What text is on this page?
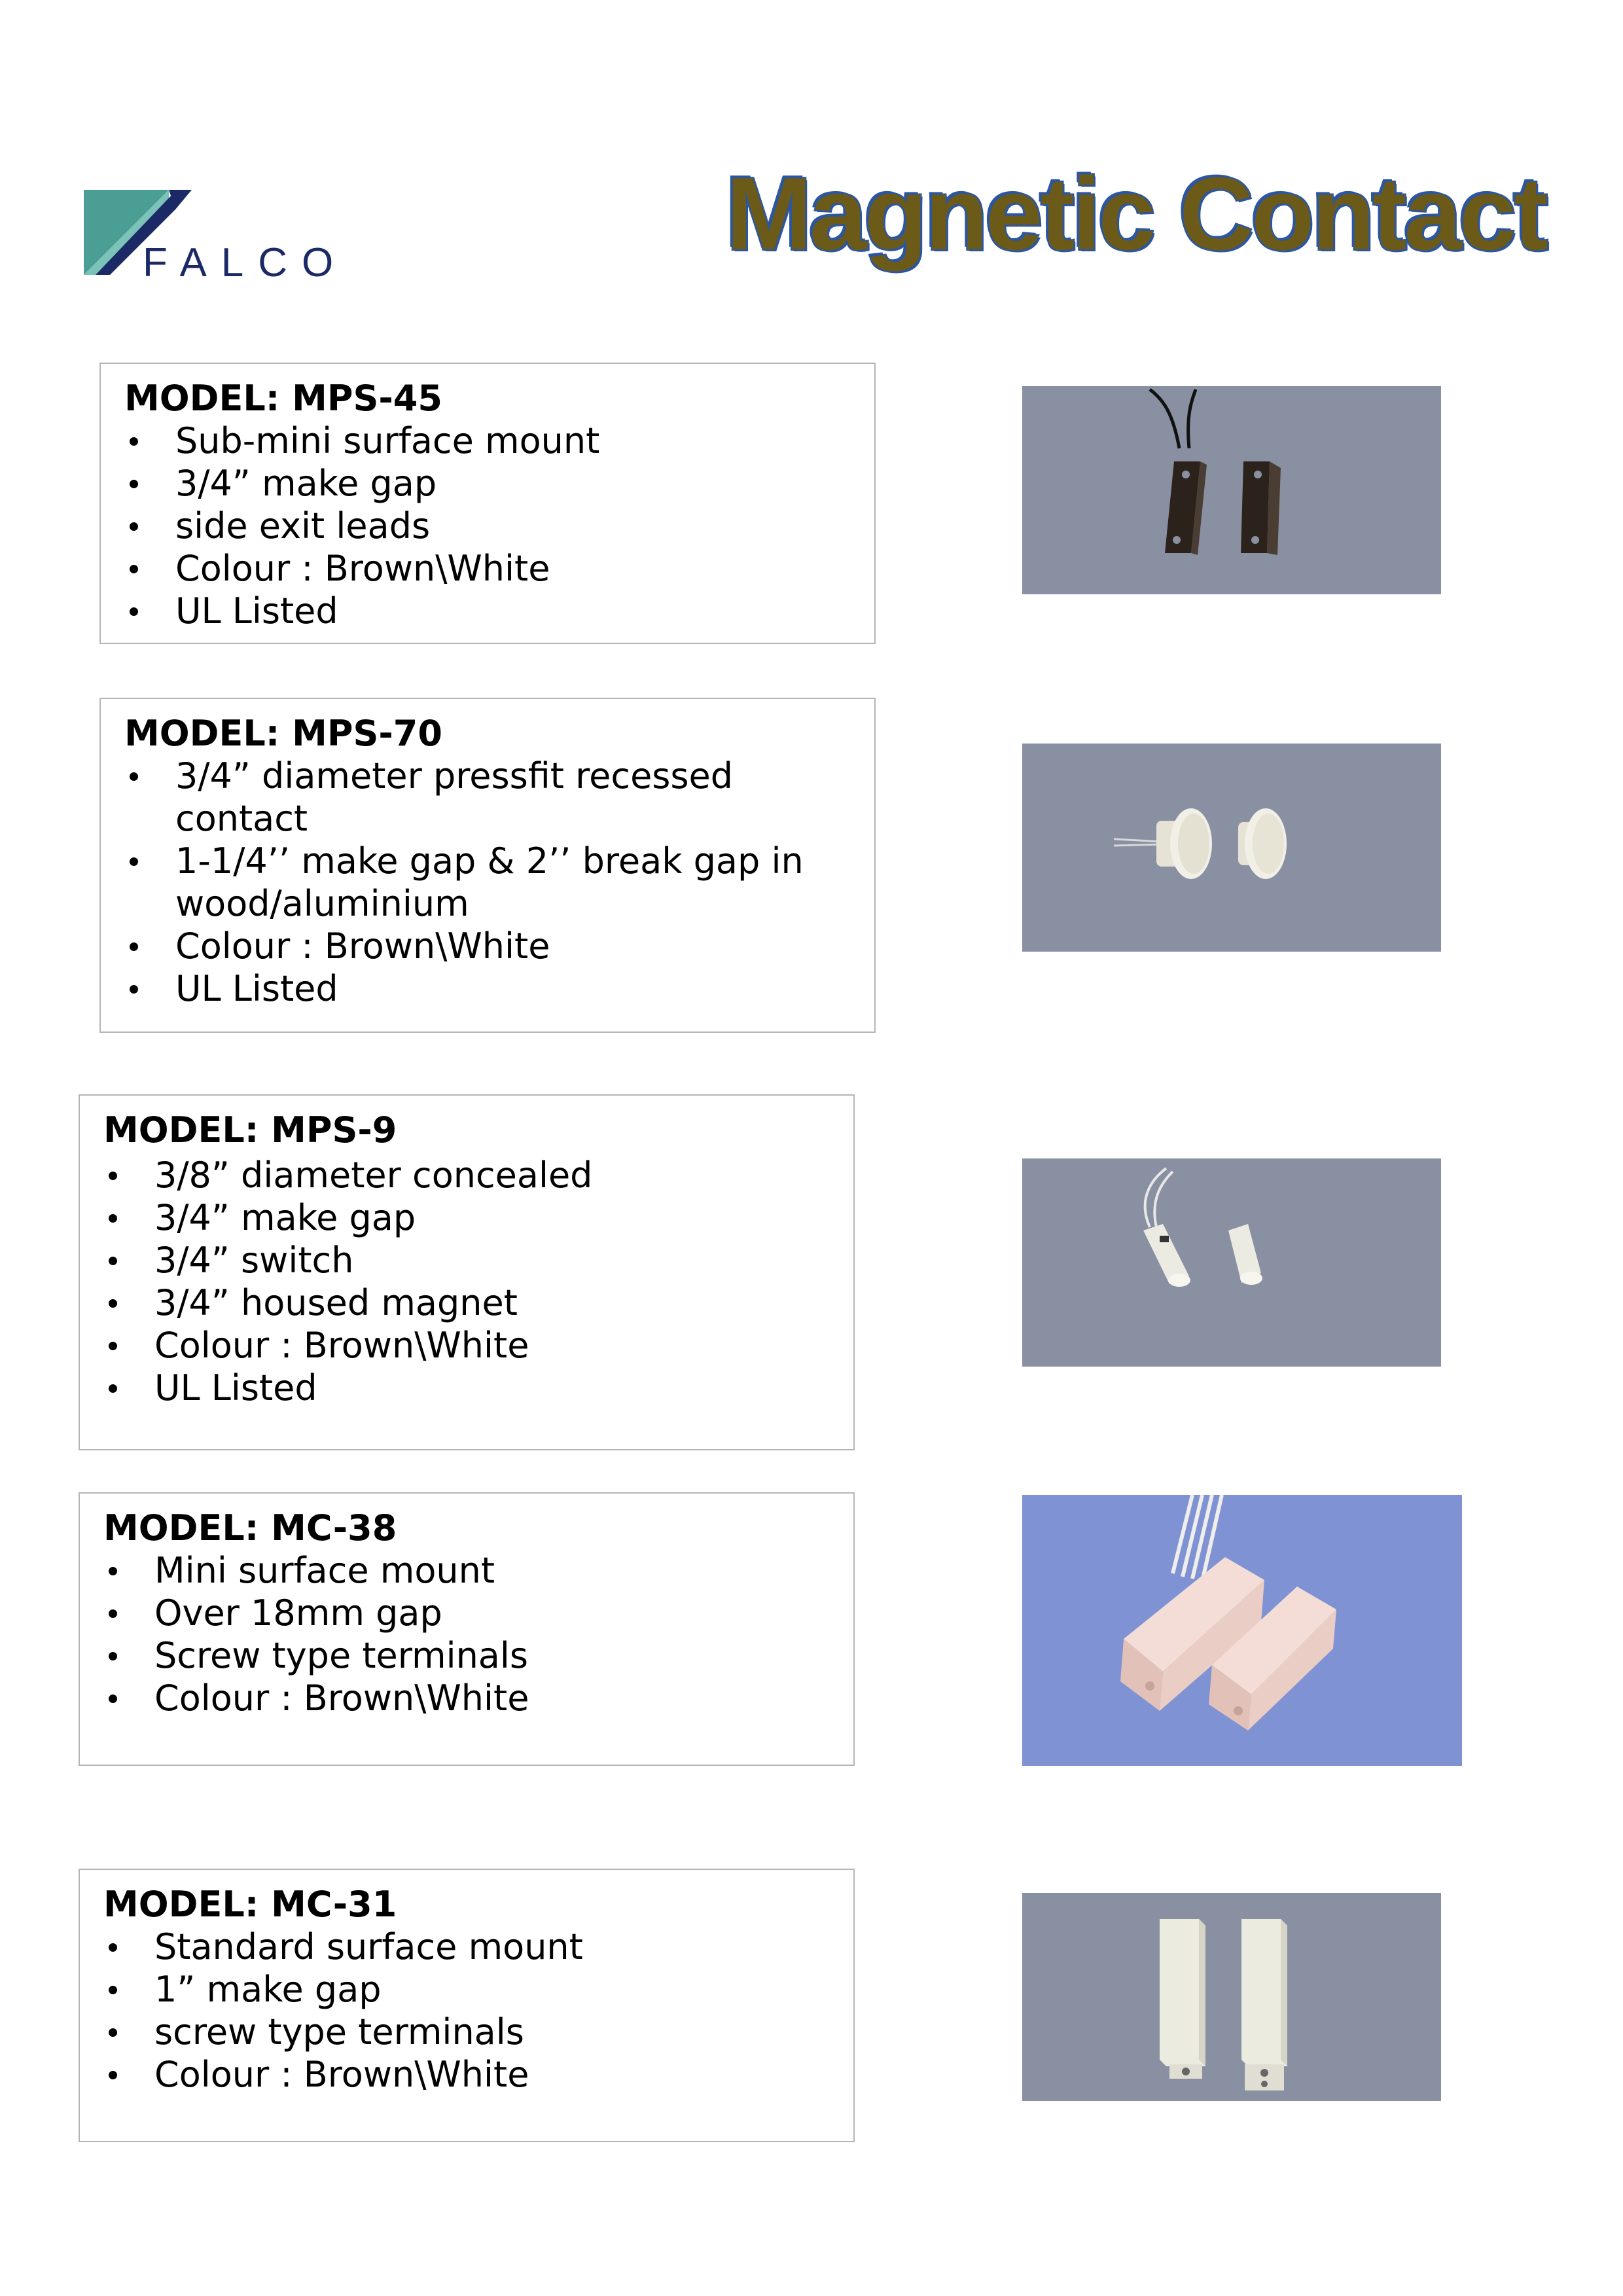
FALCO	Magnetic Contact
MODEL: MPS-45
Sub-mini surface mount
3/4” make gap
side exit leads
Colour : Brown\White
UL Listed
MODEL: MPS-70
3/4” diameter pressfit recessed contact
1-1/4’’ make gap & 2’’ break gap in wood/aluminium
Colour : Brown\White
UL Listed
MODEL: MPS-9
3/8” diameter concealed
3/4” make gap
3/4” switch
3/4” housed magnet
Colour : Brown\White
UL Listed
MODEL: MC-38
Mini surface mount
Over 18mm gap
Screw type terminals
Colour : Brown\White
MODEL: MC-31
Standard surface mount
1” make gap
screw type terminals
Colour : Brown\White
